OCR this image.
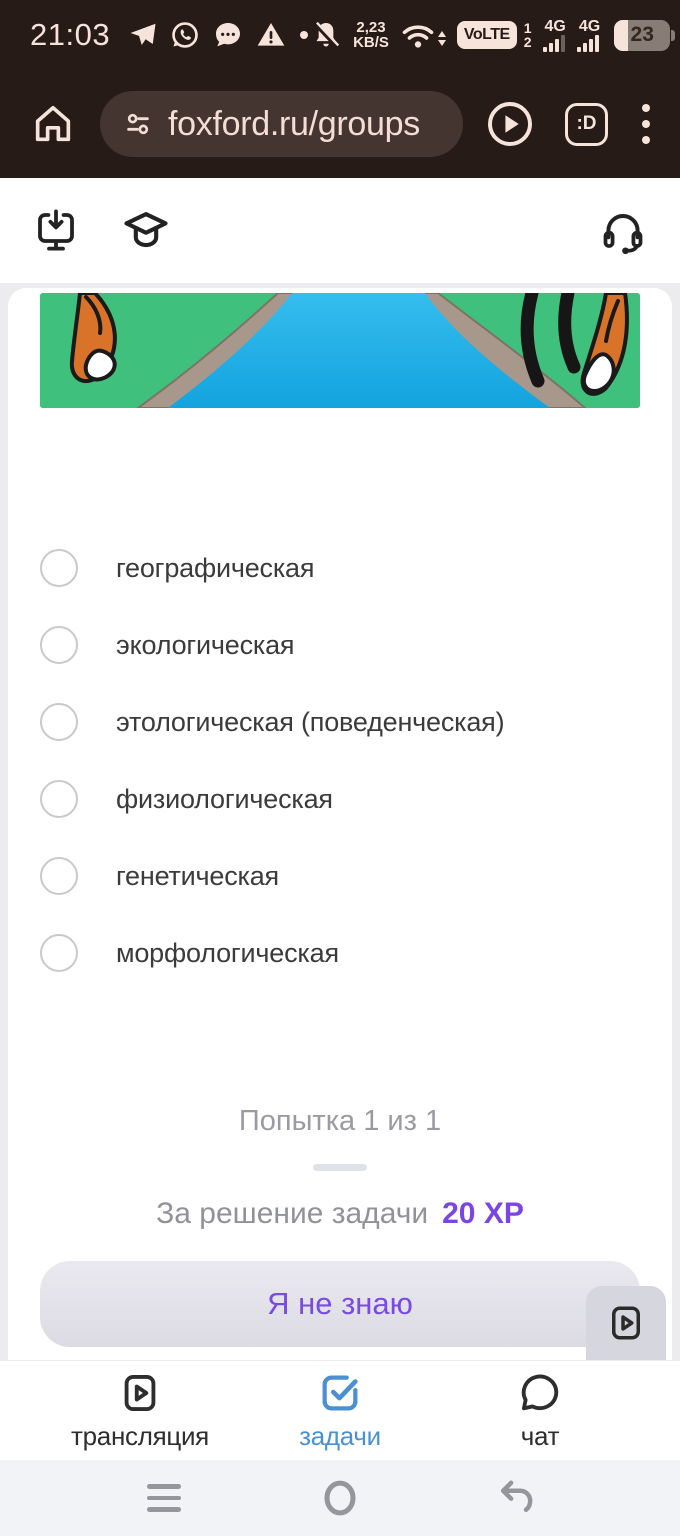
21:03	2,23
KB/S	VoLTE	1
2
4G 4G	23
foxford.ru/groups	:D
географическая
экологическая
этологическая (поведенческая)
физиологическая
генетическая
морфологическая
Попытка 1 из 1
За решение задачи 20 XP
Я не знаю
трансляция	задачи	чат
